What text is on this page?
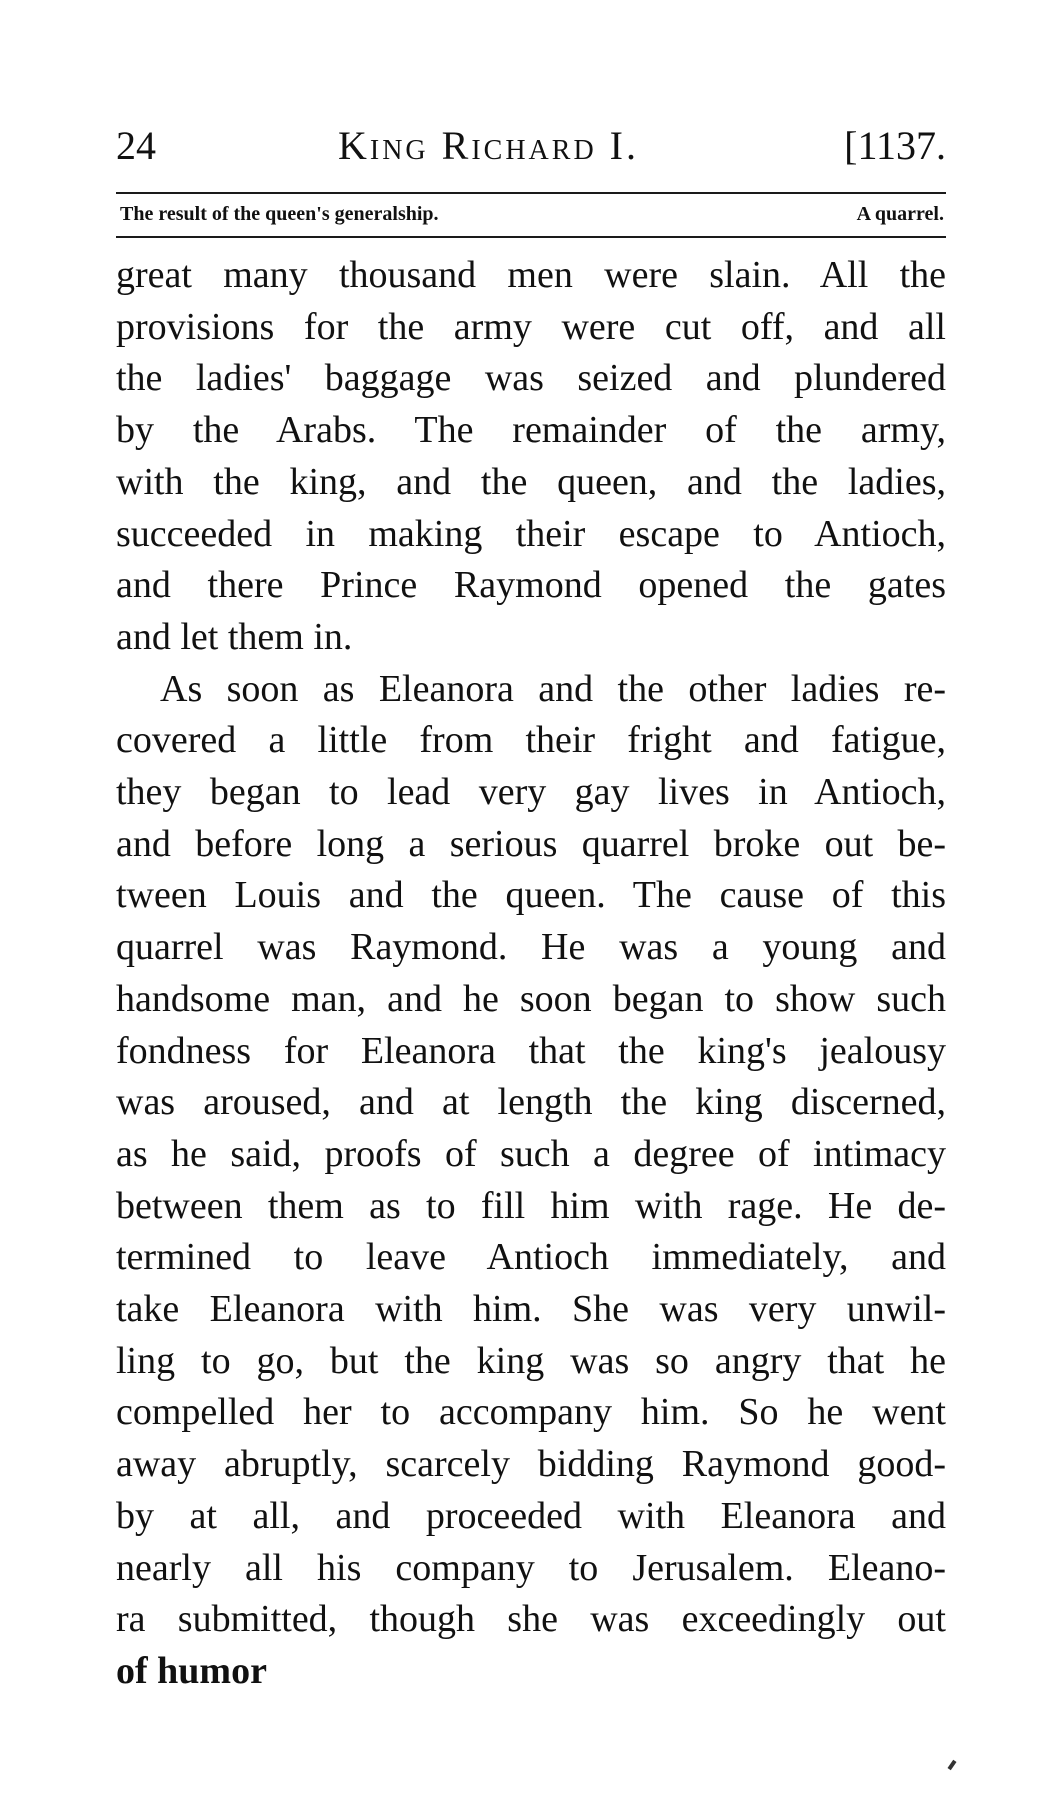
24	King Richard I.	[1137.
The result of the queen's generalship.	A quarrel.

great many thousand men were slain. All the

provisions for the army were cut off, and all

the ladies' baggage was seized and plundered

by the Arabs. The remainder of the army,

with the king, and the queen, and the ladies,

succeeded in making their escape to Antioch,

and there Prince Raymond opened the gates

and let them in.

As soon as Eleanora and the other ladies re-

covered a little from their fright and fatigue,

they began to lead very gay lives in Antioch,

and before long a serious quarrel broke out be-

tween Louis and the queen. The cause of this

quarrel was Raymond. He was a young and

handsome man, and he soon began to show such

fondness for Eleanora that the king's jealousy

was aroused, and at length the king discerned,

as he said, proofs of such a degree of intimacy

between them as to fill him with rage. He de-

termined to leave Antioch immediately, and

take Eleanora with him. She was very unwil-

ling to go, but the king was so angry that he

compelled her to accompany him. So he went

away abruptly, scarcely bidding Raymond good-

by at all, and proceeded with Eleanora and

nearly all his company to Jerusalem. Eleano-

ra submitted, though she was exceedingly out

of humor
